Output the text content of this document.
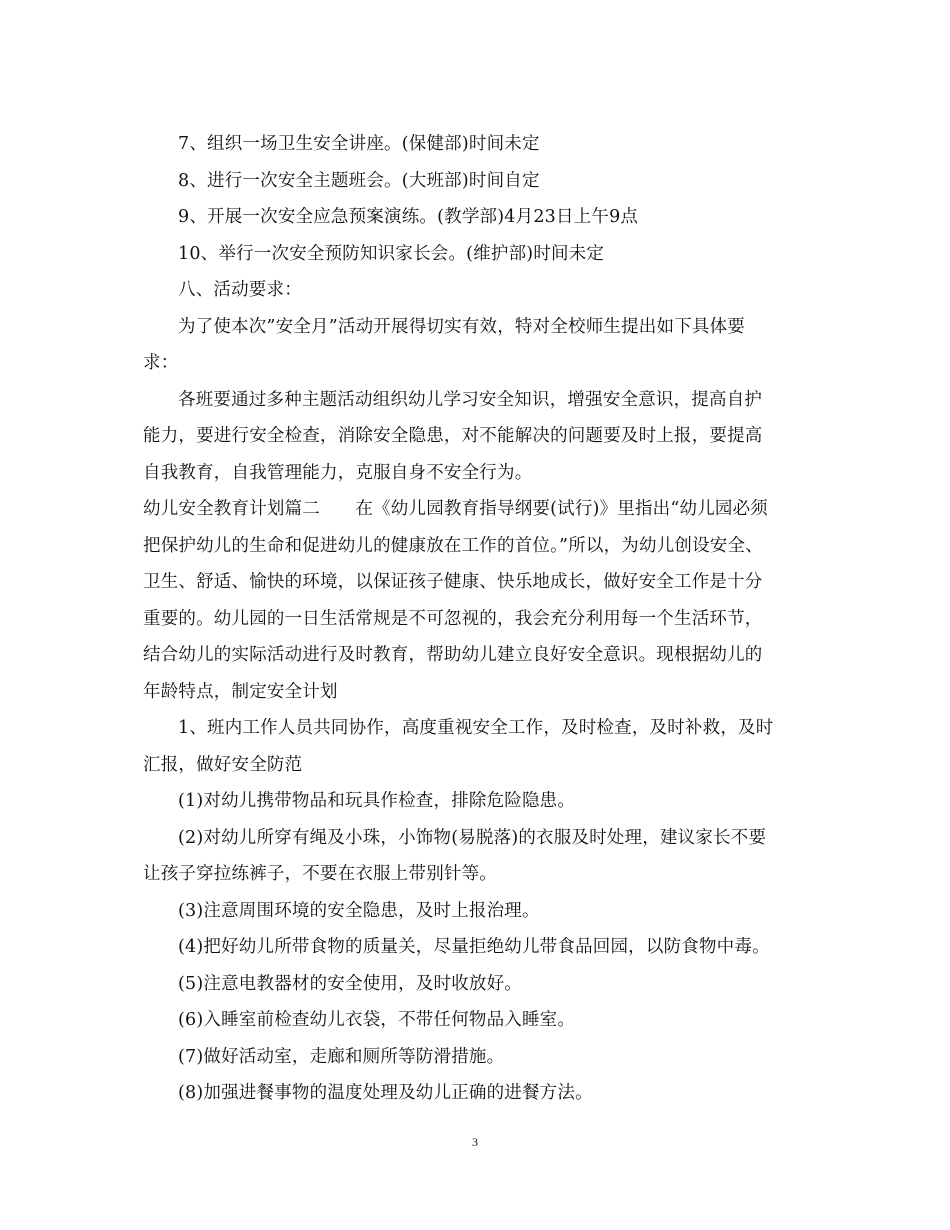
7、组织一场卫生安全讲座。(保健部)时间未定
8、进行一次安全主题班会。(大班部)时间自定
9、开展一次安全应急预案演练。(教学部)4月23日上午9点
10、举行一次安全预防知识家长会。(维护部)时间未定
八、活动要求：
为了使本次”安全月”活动开展得切实有效，特对全校师生提出如下具体要
求：
各班要通过多种主题活动组织幼儿学习安全知识，增强安全意识，提高自护
能力，要进行安全检查，消除安全隐患，对不能解决的问题要及时上报，要提高
自我教育，自我管理能力，克服自身不安全行为。
幼儿安全教育计划篇二　　在《幼儿园教育指导纲要(试行)》里指出“幼儿园必须
把保护幼儿的生命和促进幼儿的健康放在工作的首位。”所以，为幼儿创设安全、
卫生、舒适、愉快的环境，以保证孩子健康、快乐地成长，做好安全工作是十分
重要的。幼儿园的一日生活常规是不可忽视的，我会充分利用每一个生活环节，
结合幼儿的实际活动进行及时教育，帮助幼儿建立良好安全意识。现根据幼儿的
年龄特点，制定安全计划
1、班内工作人员共同协作，高度重视安全工作，及时检查，及时补救，及时
汇报，做好安全防范
(1)对幼儿携带物品和玩具作检查，排除危险隐患。
(2)对幼儿所穿有绳及小珠，小饰物(易脱落)的衣服及时处理，建议家长不要
让孩子穿拉练裤子，不要在衣服上带别针等。
(3)注意周围环境的安全隐患，及时上报治理。
(4)把好幼儿所带食物的质量关，尽量拒绝幼儿带食品回园，以防食物中毒。
(5)注意电教器材的安全使用，及时收放好。
(6)入睡室前检查幼儿衣袋，不带任何物品入睡室。
(7)做好活动室，走廊和厕所等防滑措施。
(8)加强进餐事物的温度处理及幼儿正确的进餐方法。
3
